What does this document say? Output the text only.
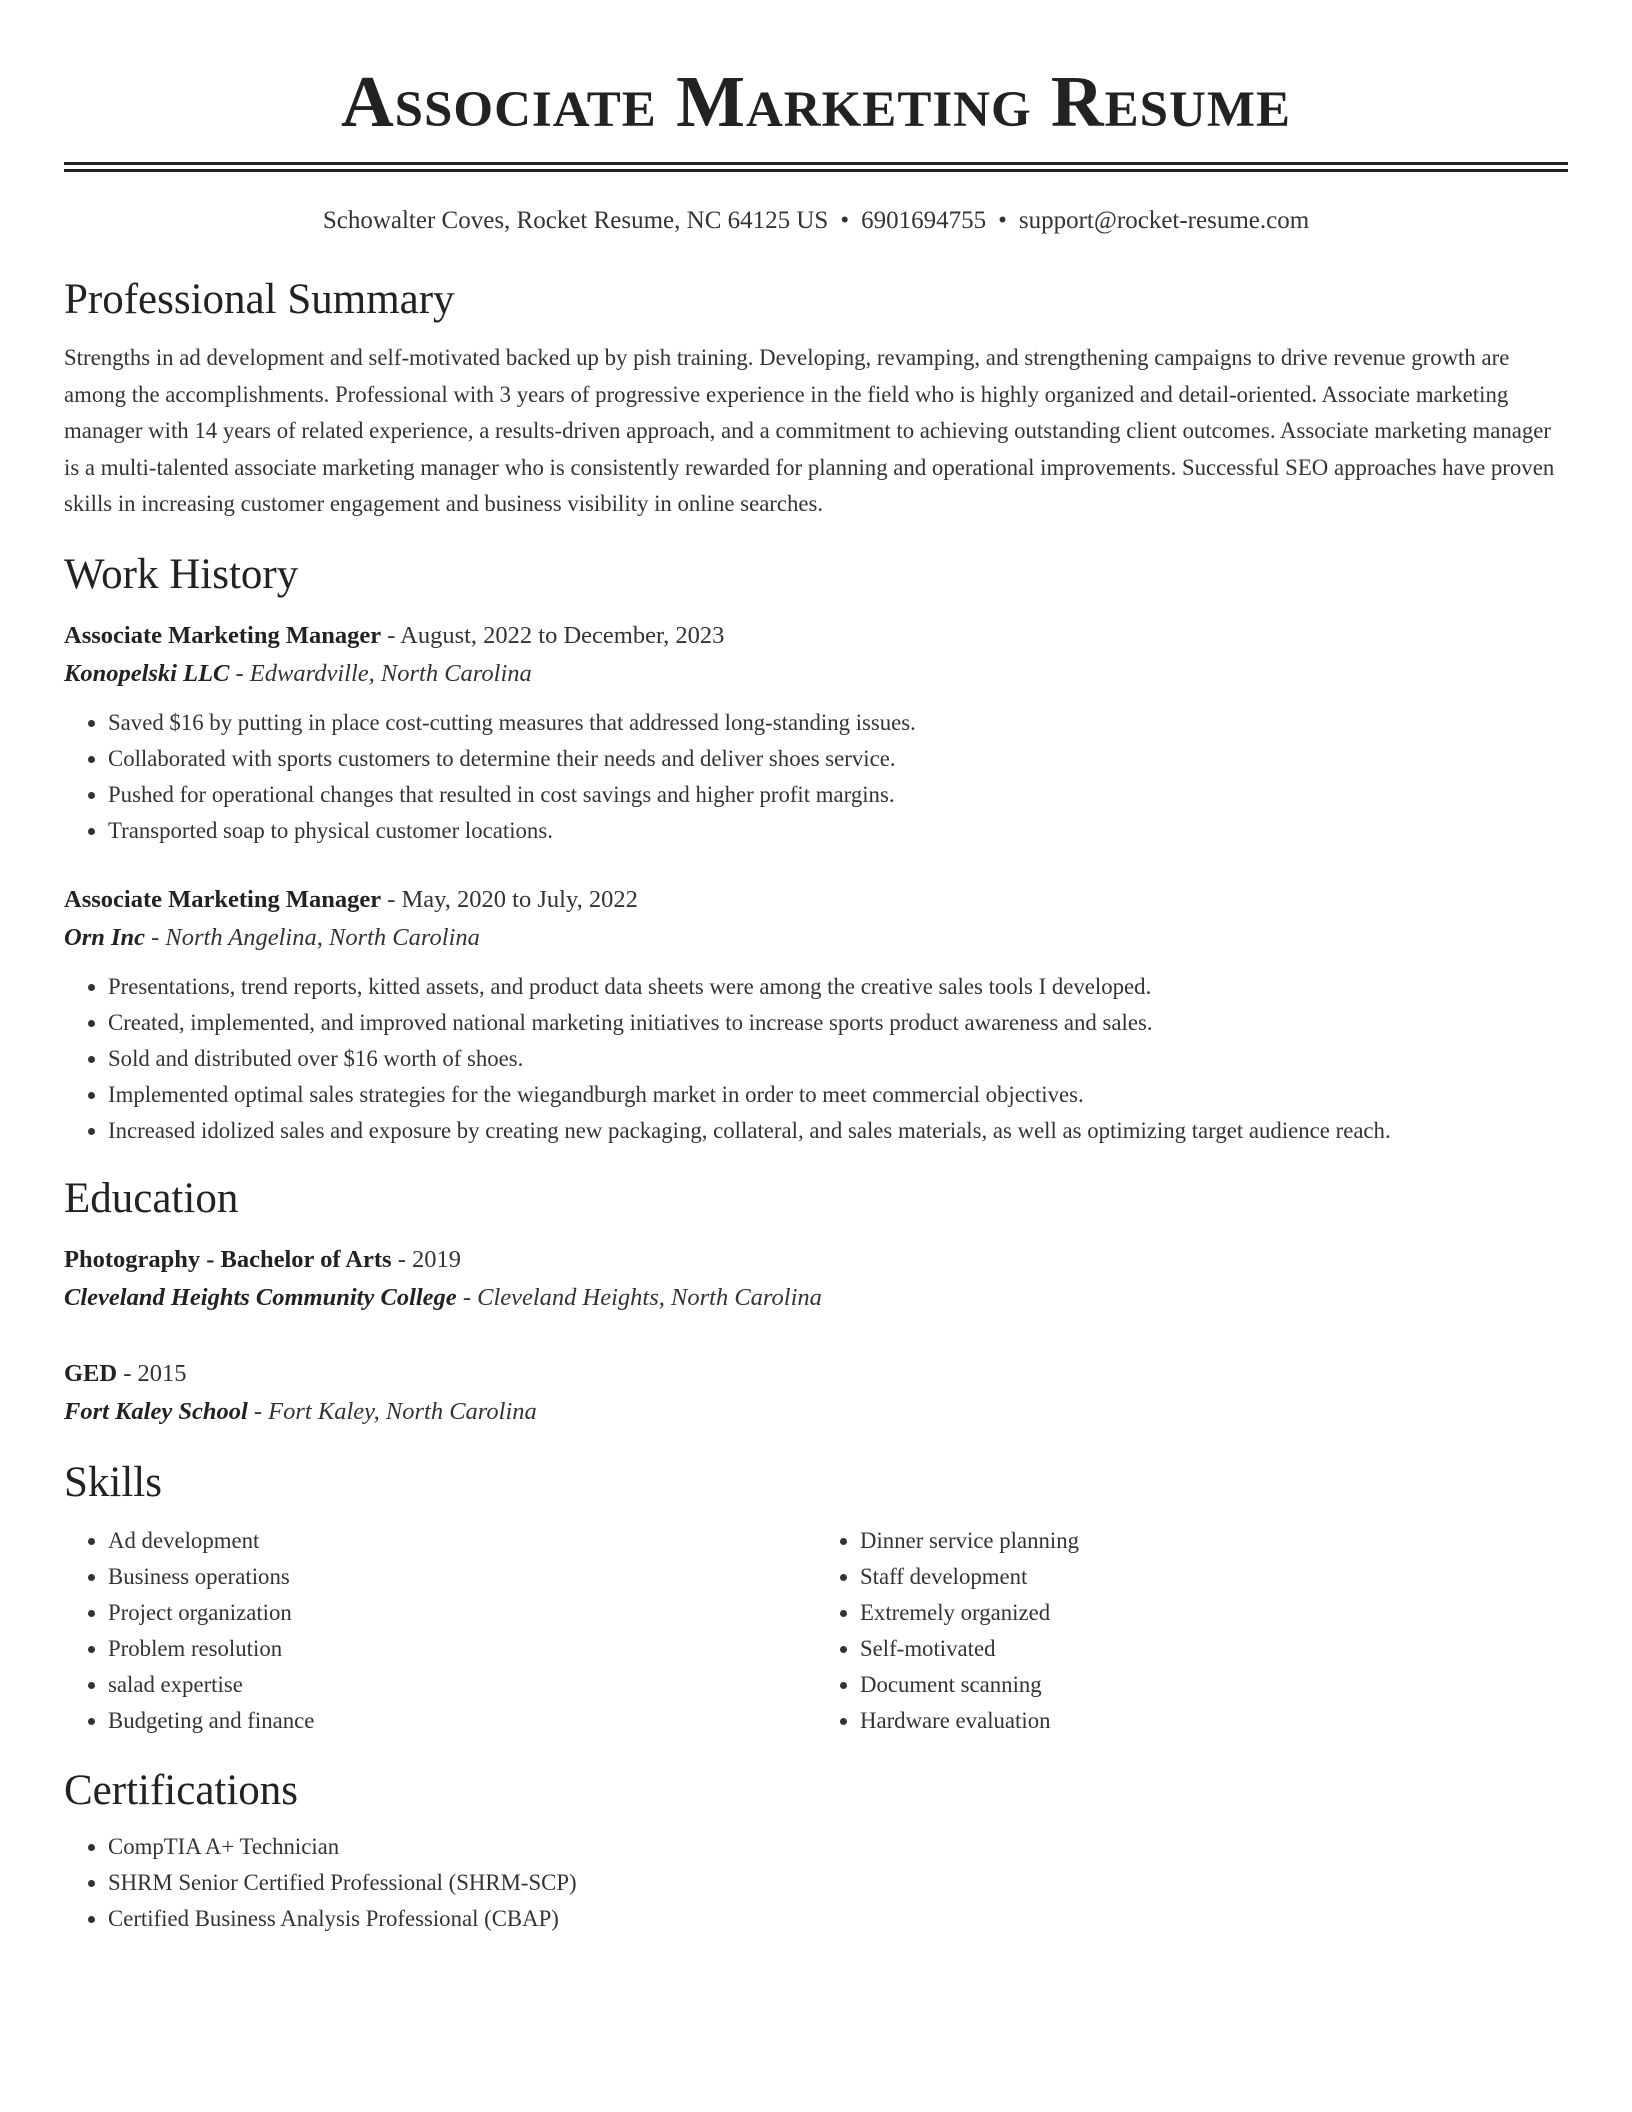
Associate Marketing Resume
Schowalter Coves, Rocket Resume, NC 64125 US • 6901694755 • support@rocket-resume.com
Professional Summary

Strengths in ad development and self-motivated backed up by pish training. Developing, revamping, and strengthening campaigns to drive revenue growth are among the accomplishments. Professional with 3 years of progressive experience in the field who is highly organized and detail-oriented. Associate marketing manager with 14 years of related experience, a results-driven approach, and a commitment to achieving outstanding client outcomes. Associate marketing manager is a multi-talented associate marketing manager who is consistently rewarded for planning and operational improvements. Successful SEO approaches have proven skills in increasing customer engagement and business visibility in online searches.

Work History
Associate Marketing Manager - August, 2022 to December, 2023
Konopelski LLC - Edwardville, North Carolina
• Saved $16 by putting in place cost-cutting measures that addressed long-standing issues.
• Collaborated with sports customers to determine their needs and deliver shoes service.
• Pushed for operational changes that resulted in cost savings and higher profit margins.
• Transported soap to physical customer locations.
Associate Marketing Manager - May, 2020 to July, 2022
Orn Inc - North Angelina, North Carolina
• Presentations, trend reports, kitted assets, and product data sheets were among the creative sales tools I developed.
• Created, implemented, and improved national marketing initiatives to increase sports product awareness and sales.
• Sold and distributed over $16 worth of shoes.
• Implemented optimal sales strategies for the wiegandburgh market in order to meet commercial objectives.
• Increased idolized sales and exposure by creating new packaging, collateral, and sales materials, as well as optimizing target audience reach.
Education
Photography - Bachelor of Arts - 2019
Cleveland Heights Community College - Cleveland Heights, North Carolina
GED - 2015
Fort Kaley School - Fort Kaley, North Carolina
Skills
• Ad development
• Business operations
• Project organization
• Problem resolution
• salad expertise
• Budgeting and finance
• Dinner service planning
• Staff development
• Extremely organized
• Self-motivated
• Document scanning
• Hardware evaluation
Certifications
• CompTIA A+ Technician
• SHRM Senior Certified Professional (SHRM-SCP)
• Certified Business Analysis Professional (CBAP)
